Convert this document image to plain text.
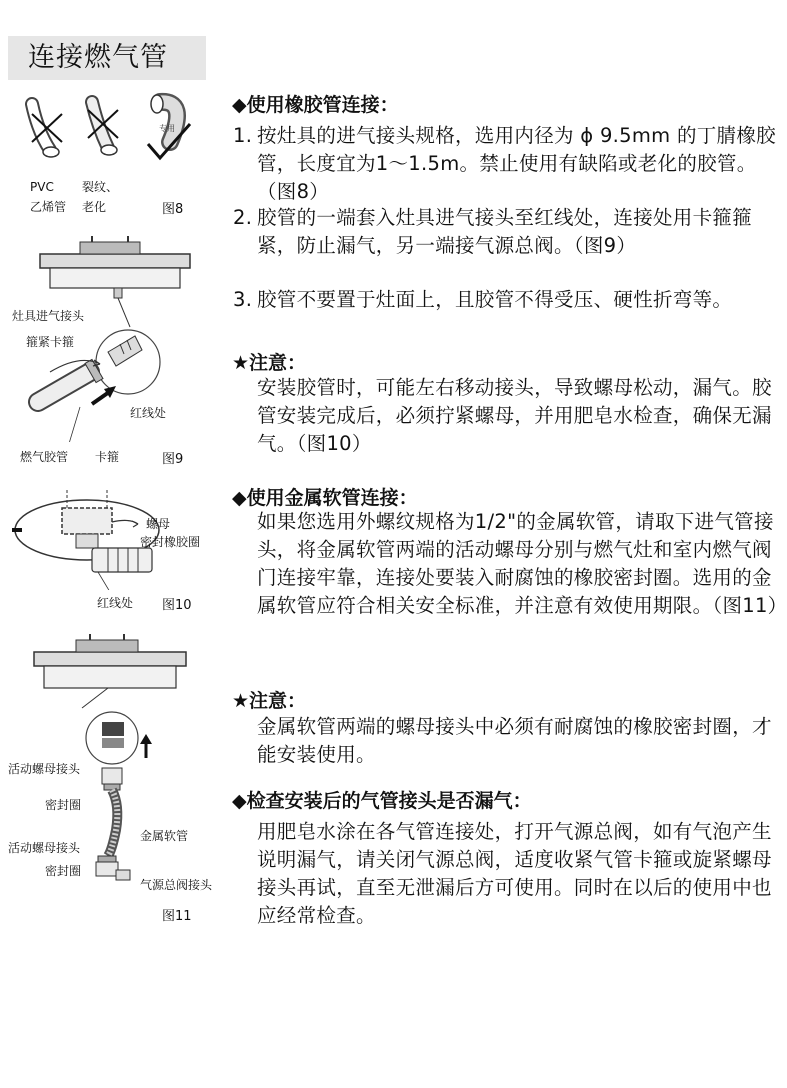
连接燃气管
专用
PVC
乙烯管
裂纹、
老化	图8
灶具进气接头
箍紧卡箍
红线处
燃气胶管 卡箍	图9
螺母
密封橡胶圈
红线处 图10
活动螺母接头
密封圈
金属软管
活动螺母接头
密封圈
气源总阀接头
图11
◆使用橡胶管连接：
1. 按灶具的进气接头规格，选用内径为 ϕ 9.5mm 的丁腈橡胶管，长度宜为1～1.5m。禁止使用有缺陷或老化的胶管。（图8）
2. 胶管的一端套入灶具进气接头至红线处，连接处用卡箍箍紧，防止漏气，另一端接气源总阀。（图9）
3. 胶管不要置于灶面上，且胶管不得受压、硬性折弯等。
★注意：
安装胶管时，可能左右移动接头，导致螺母松动，漏气。胶管安装完成后，必须拧紧螺母，并用肥皂水检查，确保无漏气。（图10）
◆使用金属软管连接：
如果您选用外螺纹规格为1/2"的金属软管，请取下进气管接头，将金属软管两端的活动螺母分别与燃气灶和室内燃气阀门连接牢靠，连接处要装入耐腐蚀的橡胶密封圈。选用的金属软管应符合相关安全标准，并注意有效使用期限。（图11）
★注意：
金属软管两端的螺母接头中必须有耐腐蚀的橡胶密封圈，才能安装使用。
◆检查安装后的气管接头是否漏气：
用肥皂水涂在各气管连接处，打开气源总阀，如有气泡产生说明漏气，请关闭气源总阀，适度收紧气管卡箍或旋紧螺母接头再试，直至无泄漏后方可使用。同时在以后的使用中也应经常检查。
